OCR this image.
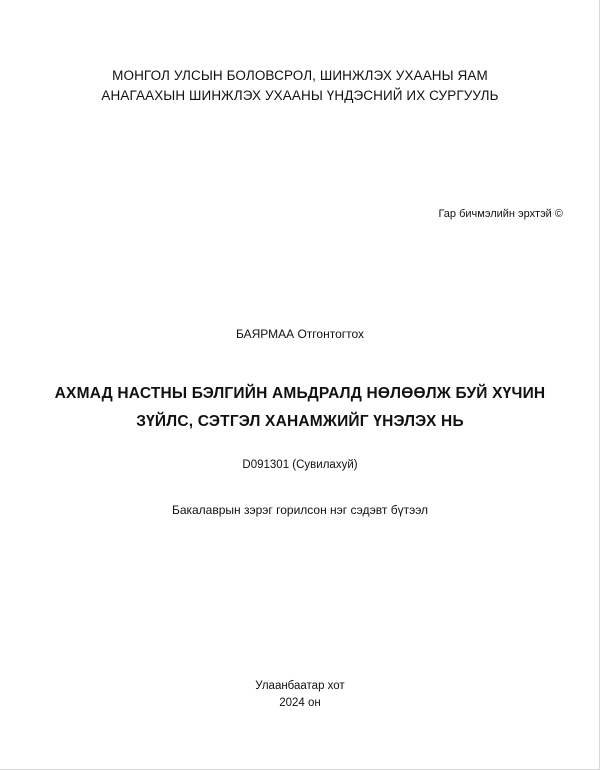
МОНГОЛ УЛСЫН БОЛОВСРОЛ, ШИНЖЛЭХ УХААНЫ ЯАМ
АНАГААХЫН ШИНЖЛЭХ УХААНЫ ҮНДЭСНИЙ ИХ СУРГУУЛЬ
Гар бичмэлийн эрхтэй ©
БАЯРМАА Отгонтогтох
АХМАД НАСТНЫ БЭЛГИЙН АМЬДРАЛД НӨЛӨӨЛЖ БУЙ ХҮЧИН
ЗҮЙЛС, СЭТГЭЛ ХАНАМЖИЙГ ҮНЭЛЭХ НЬ
D091301 (Сувилахуй)
Бакалаврын зэрэг горилсон нэг сэдэвт бүтээл
Улаанбаатар хот
2024 он
